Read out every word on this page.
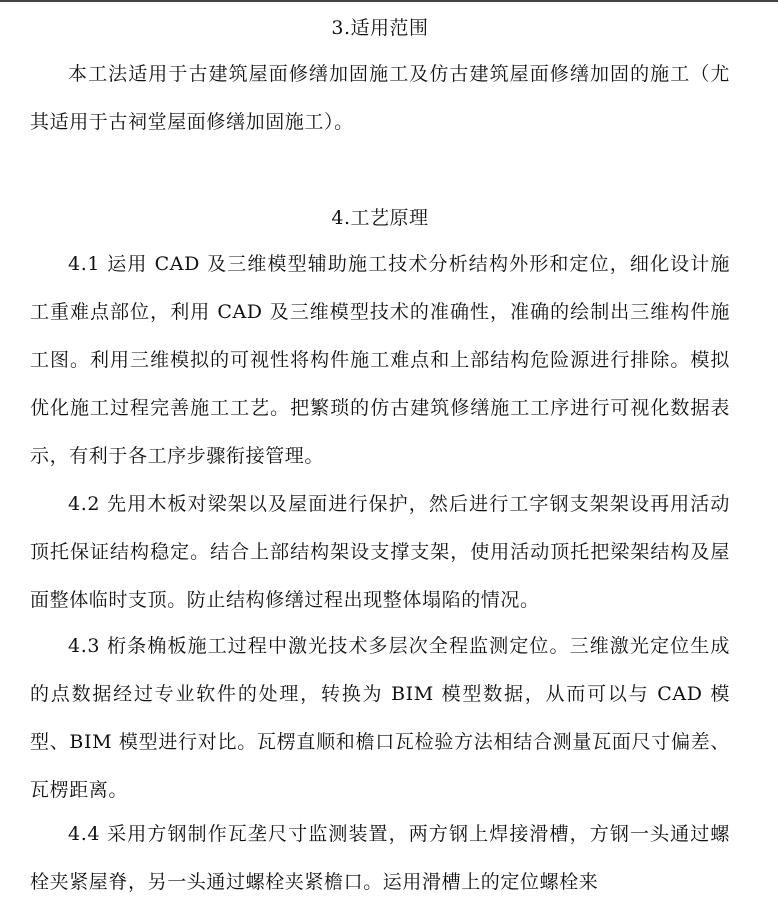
3.适用范围

本工法适用于古建筑屋面修缮加固施工及仿古建筑屋面修缮加固的施工（尤其适用于古祠堂屋面修缮加固施工）。

4.工艺原理

4.1 运用 CAD 及三维模型辅助施工技术分析结构外形和定位，细化设计施工重难点部位，利用 CAD 及三维模型技术的准确性，准确的绘制出三维构件施工图。利用三维模拟的可视性将构件施工难点和上部结构危险源进行排除。模拟优化施工过程完善施工工艺。把繁琐的仿古建筑修缮施工工序进行可视化数据表示，有利于各工序步骤衔接管理。

4.2 先用木板对梁架以及屋面进行保护，然后进行工字钢支架架设再用活动顶托保证结构稳定。结合上部结构架设支撑支架，使用活动顶托把梁架结构及屋面整体临时支顶。防止结构修缮过程出现整体塌陷的情况。

4.3 桁条桷板施工过程中激光技术多层次全程监测定位。三维激光定位生成的点数据经过专业软件的处理，转换为 BIM 模型数据，从而可以与 CAD 模型、BIM 模型进行对比。瓦楞直顺和檐口瓦检验方法相结合测量瓦面尺寸偏差、瓦楞距离。

4.4 采用方钢制作瓦垄尺寸监测装置，两方钢上焊接滑槽，方钢一头通过螺栓夹紧屋脊，另一头通过螺栓夹紧檐口。运用滑槽上的定位螺栓来
